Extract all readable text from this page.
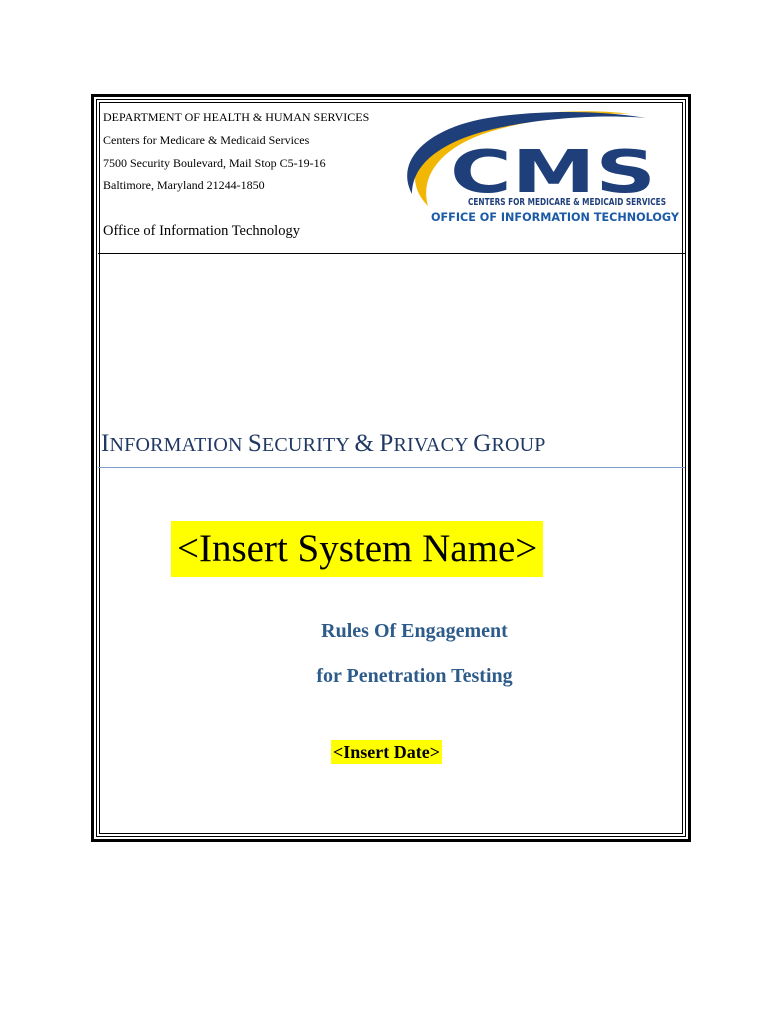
DEPARTMENT OF HEALTH & HUMAN SERVICES
Centers for Medicare & Medicaid Services
7500 Security Boulevard, Mail Stop C5-19-16
Baltimore, Maryland 21244-1850
Office of Information Technology
CMS
CENTERS FOR MEDICARE & MEDICAID SERVICES
OFFICE OF INFORMATION TECHNOLOGY
INFORMATION SECURITY & PRIVACY GROUP
<Insert System Name>
Rules Of Engagement
for Penetration Testing
<Insert Date>
